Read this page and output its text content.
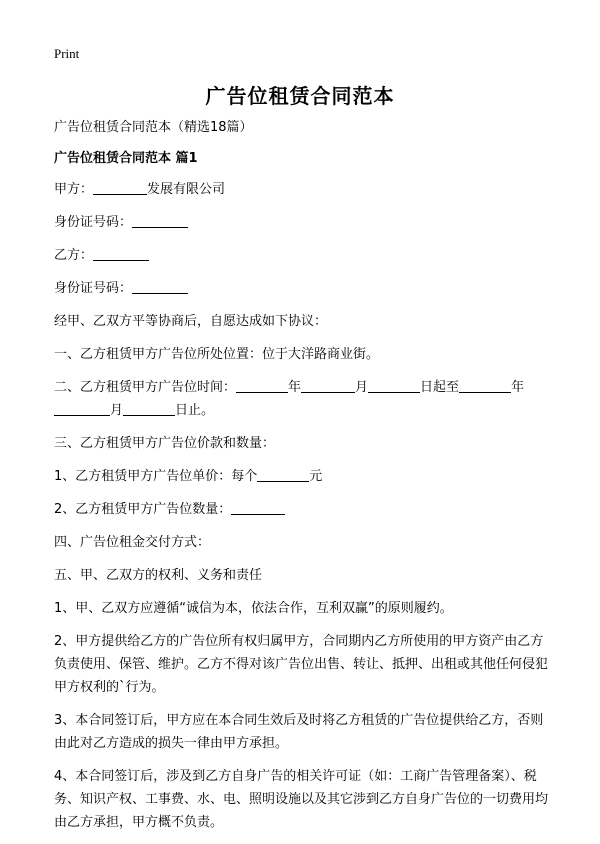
Print
广告位租赁合同范本

广告位租赁合同范本（精选18篇）

广告位租赁合同范本 篇1

甲方：	发展有限公司

身份证号码：

乙方：

身份证号码：

经甲、乙双方平等协商后，自愿达成如下协议：

一、乙方租赁甲方广告位所处位置：位于大洋路商业街。

二、乙方租赁甲方广告位时间：	年	月	日起至	年
月	日止。

三、乙方租赁甲方广告位价款和数量：

1、乙方租赁甲方广告位单价：每个	元

2、乙方租赁甲方广告位数量：

四、广告位租金交付方式：

五、甲、乙双方的权利、义务和责任

1、甲、乙双方应遵循“诚信为本，依法合作，互利双赢”的原则履约。

2、甲方提供给乙方的广告位所有权归属甲方，合同期内乙方所使用的甲方资产由乙方负责使用、保管、维护。乙方不得对该广告位出售、转让、抵押、出租或其他任何侵犯甲方权利的`行为。

3、本合同签订后，甲方应在本合同生效后及时将乙方租赁的广告位提供给乙方，否则由此对乙方造成的损失一律由甲方承担。

4、本合同签订后，涉及到乙方自身广告的相关许可证（如：工商广告管理备案）、税务、知识产权、工事费、水、电、照明设施以及其它涉到乙方自身广告位的一切费用均由乙方承担，甲方概不负责。
